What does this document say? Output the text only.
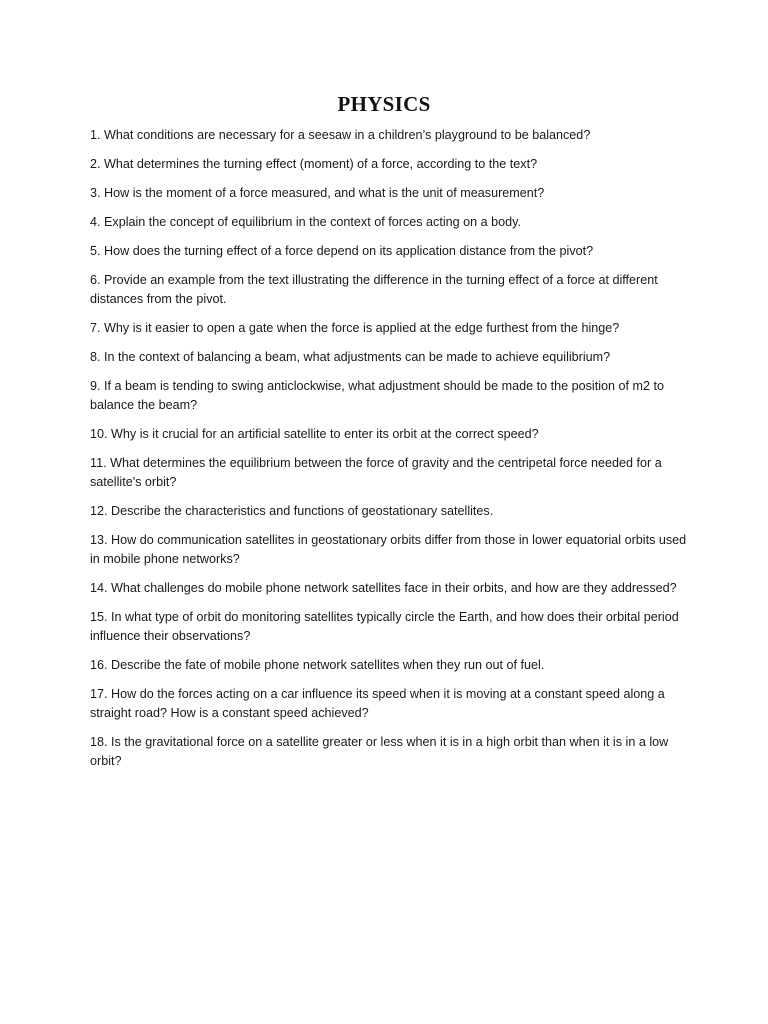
PHYSICS
1. What conditions are necessary for a seesaw in a children’s playground to be balanced?
2. What determines the turning effect (moment) of a force, according to the text?
3. How is the moment of a force measured, and what is the unit of measurement?
4. Explain the concept of equilibrium in the context of forces acting on a body.
5. How does the turning effect of a force depend on its application distance from the pivot?
6. Provide an example from the text illustrating the difference in the turning effect of a force at different distances from the pivot.
7. Why is it easier to open a gate when the force is applied at the edge furthest from the hinge?
8. In the context of balancing a beam, what adjustments can be made to achieve equilibrium?
9. If a beam is tending to swing anticlockwise, what adjustment should be made to the position of m2 to balance the beam?
10. Why is it crucial for an artificial satellite to enter its orbit at the correct speed?
11. What determines the equilibrium between the force of gravity and the centripetal force needed for a satellite's orbit?
12. Describe the characteristics and functions of geostationary satellites.
13. How do communication satellites in geostationary orbits differ from those in lower equatorial orbits used in mobile phone networks?
14. What challenges do mobile phone network satellites face in their orbits, and how are they addressed?
15. In what type of orbit do monitoring satellites typically circle the Earth, and how does their orbital period influence their observations?
16. Describe the fate of mobile phone network satellites when they run out of fuel.
17. How do the forces acting on a car influence its speed when it is moving at a constant speed along a straight road? How is a constant speed achieved?
18. Is the gravitational force on a satellite greater or less when it is in a high orbit than when it is in a low orbit?
